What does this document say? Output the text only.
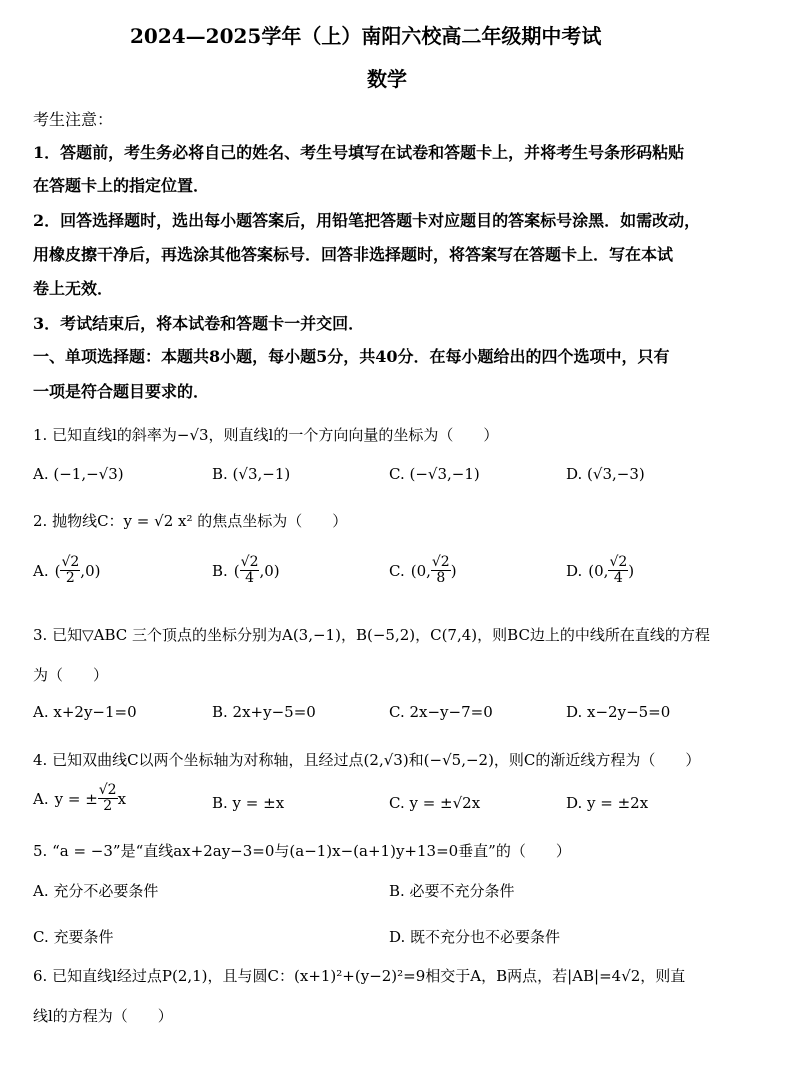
2024—2025学年（上）南阳六校高二年级期中考试
数学
考生注意：
1．答题前，考生务必将自己的姓名、考生号填写在试卷和答题卡上，并将考生号条形码粘贴
在答题卡上的指定位置．
2．回答选择题时，选出每小题答案后，用铅笔把答题卡对应题目的答案标号涂黑．如需改动，
用橡皮擦干净后，再选涂其他答案标号．回答非选择题时，将答案写在答题卡上．写在本试
卷上无效．
3．考试结束后，将本试卷和答题卡一并交回．
一、单项选择题：本题共8小题，每小题5分，共40分．在每小题给出的四个选项中，只有
一项是符合题目要求的．
1. 已知直线l的斜率为−√3，则直线l的一个方向向量的坐标为（　　）
A. (−1,−√3)	B. (√3,−1)	C. (−√3,−1)	D. (√3,−3)
2. 抛物线C：y = √2 x² 的焦点坐标为（　　）
A. ( $\frac{√2}{2} ,0$)	B. ( $\frac{√2}{4} ,0$)	C. (0, $\frac{√2}{8}$ )	D. (0, $\frac{√2}{4}$ )
3. 已知▽ABC 三个顶点的坐标分别为A(3,−1)，B(−5,2)，C(7,4)，则BC边上的中线所在直线的方程
为（　　）
A. x+2y−1=0	B. 2x+y−5=0	C. 2x−y−7=0	D. x−2y−5=0
4. 已知双曲线C以两个坐标轴为对称轴，且经过点(2,√3)和(−√5,−2)，则C的渐近线方程为（　　）
A. y = ± $\frac{√2}{2}$ x	B. y = ±x	C. y = ±√2x	D. y = ±2x
5. “a = −3”是“直线ax+2ay−3=0与(a−1)x−(a+1)y+13=0垂直”的（　　）
A. 充分不必要条件	B. 必要不充分条件
C. 充要条件	D. 既不充分也不必要条件
6. 已知直线l经过点P(2,1)，且与圆C：(x+1)²+(y−2)²=9相交于A，B两点，若|AB|=4√2，则直
线l的方程为（　　）
